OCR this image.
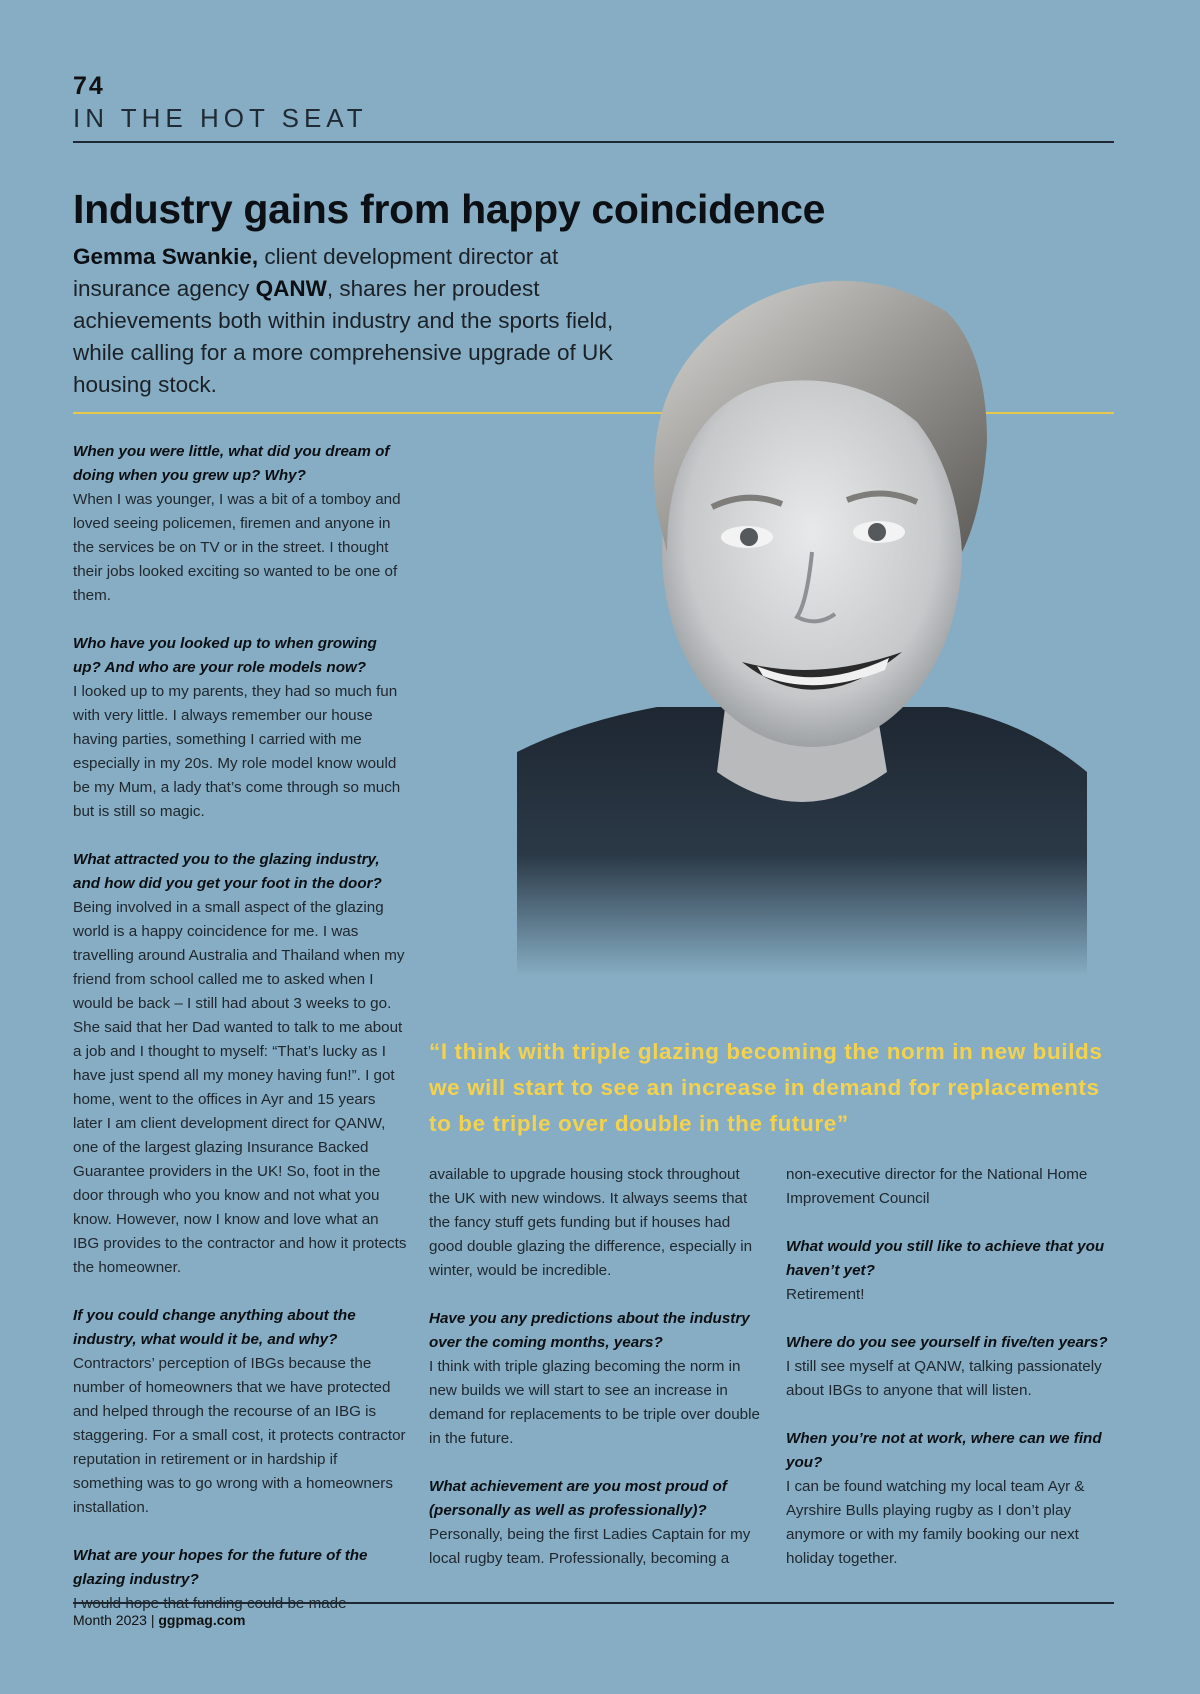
74
IN THE HOT SEAT
Industry gains from happy coincidence
Gemma Swankie, client development director at insurance agency QANW, shares her proudest achievements both within industry and the sports field, while calling for a more comprehensive upgrade of UK housing stock.
“I think with triple glazing becoming the norm in new builds we will start to see an increase in demand for replacements to be triple over double in the future”

When you were little, what did you dream of doing when you grew up? Why?
When I was younger, I was a bit of a tomboy and loved seeing policemen, firemen and anyone in the services be on TV or in the street. I thought their jobs looked exciting so wanted to be one of them.

Who have you looked up to when growing up? And who are your role models now?
I looked up to my parents, they had so much fun with very little. I always remember our house having parties, something I carried with me especially in my 20s. My role model know would be my Mum, a lady that’s come through so much but is still so magic.

What attracted you to the glazing industry, and how did you get your foot in the door?
Being involved in a small aspect of the glazing world is a happy coincidence for me. I was travelling around Australia and Thailand when my friend from school called me to asked when I would be back – I still had about 3 weeks to go. She said that her Dad wanted to talk to me about a job and I thought to myself: “That’s lucky as I have just spend all my money having fun!”. I got home, went to the offices in Ayr and 15 years later I am client development direct for QANW, one of the largest glazing Insurance Backed Guarantee providers in the UK! So, foot in the door through who you know and not what you know. However, now I know and love what an IBG provides to the contractor and how it protects the homeowner.

If you could change anything about the industry, what would it be, and why?
Contractors’ perception of IBGs because the number of homeowners that we have protected and helped through the recourse of an IBG is staggering. For a small cost, it protects contractor reputation in retirement or in hardship if something was to go wrong with a homeowners installation.

What are your hopes for the future of the glazing industry?

available to upgrade housing stock throughout the UK with new windows. It always seems that the fancy stuff gets funding but if houses had good double glazing the difference, especially in winter, would be incredible.

Have you any predictions about the industry over the coming months, years?
I think with triple glazing becoming the norm in new builds we will start to see an increase in demand for replacements to be triple over double in the future.

What achievement are you most proud of (personally as well as professionally)?
Personally, being the first Ladies Captain for my local rugby team. Professionally, becoming a

non-executive director for the National Home Improvement Council

What would you still like to achieve that you haven’t yet?
Retirement!

Where do you see yourself in five/ten years?
I still see myself at QANW, talking passionately about IBGs to anyone that will listen.

When you’re not at work, where can we find you?
I can be found watching my local team Ayr & Ayrshire Bulls playing rugby as I don’t play anymore or with my family booking our next holiday together.

Month 2023 | ggpmag.com
